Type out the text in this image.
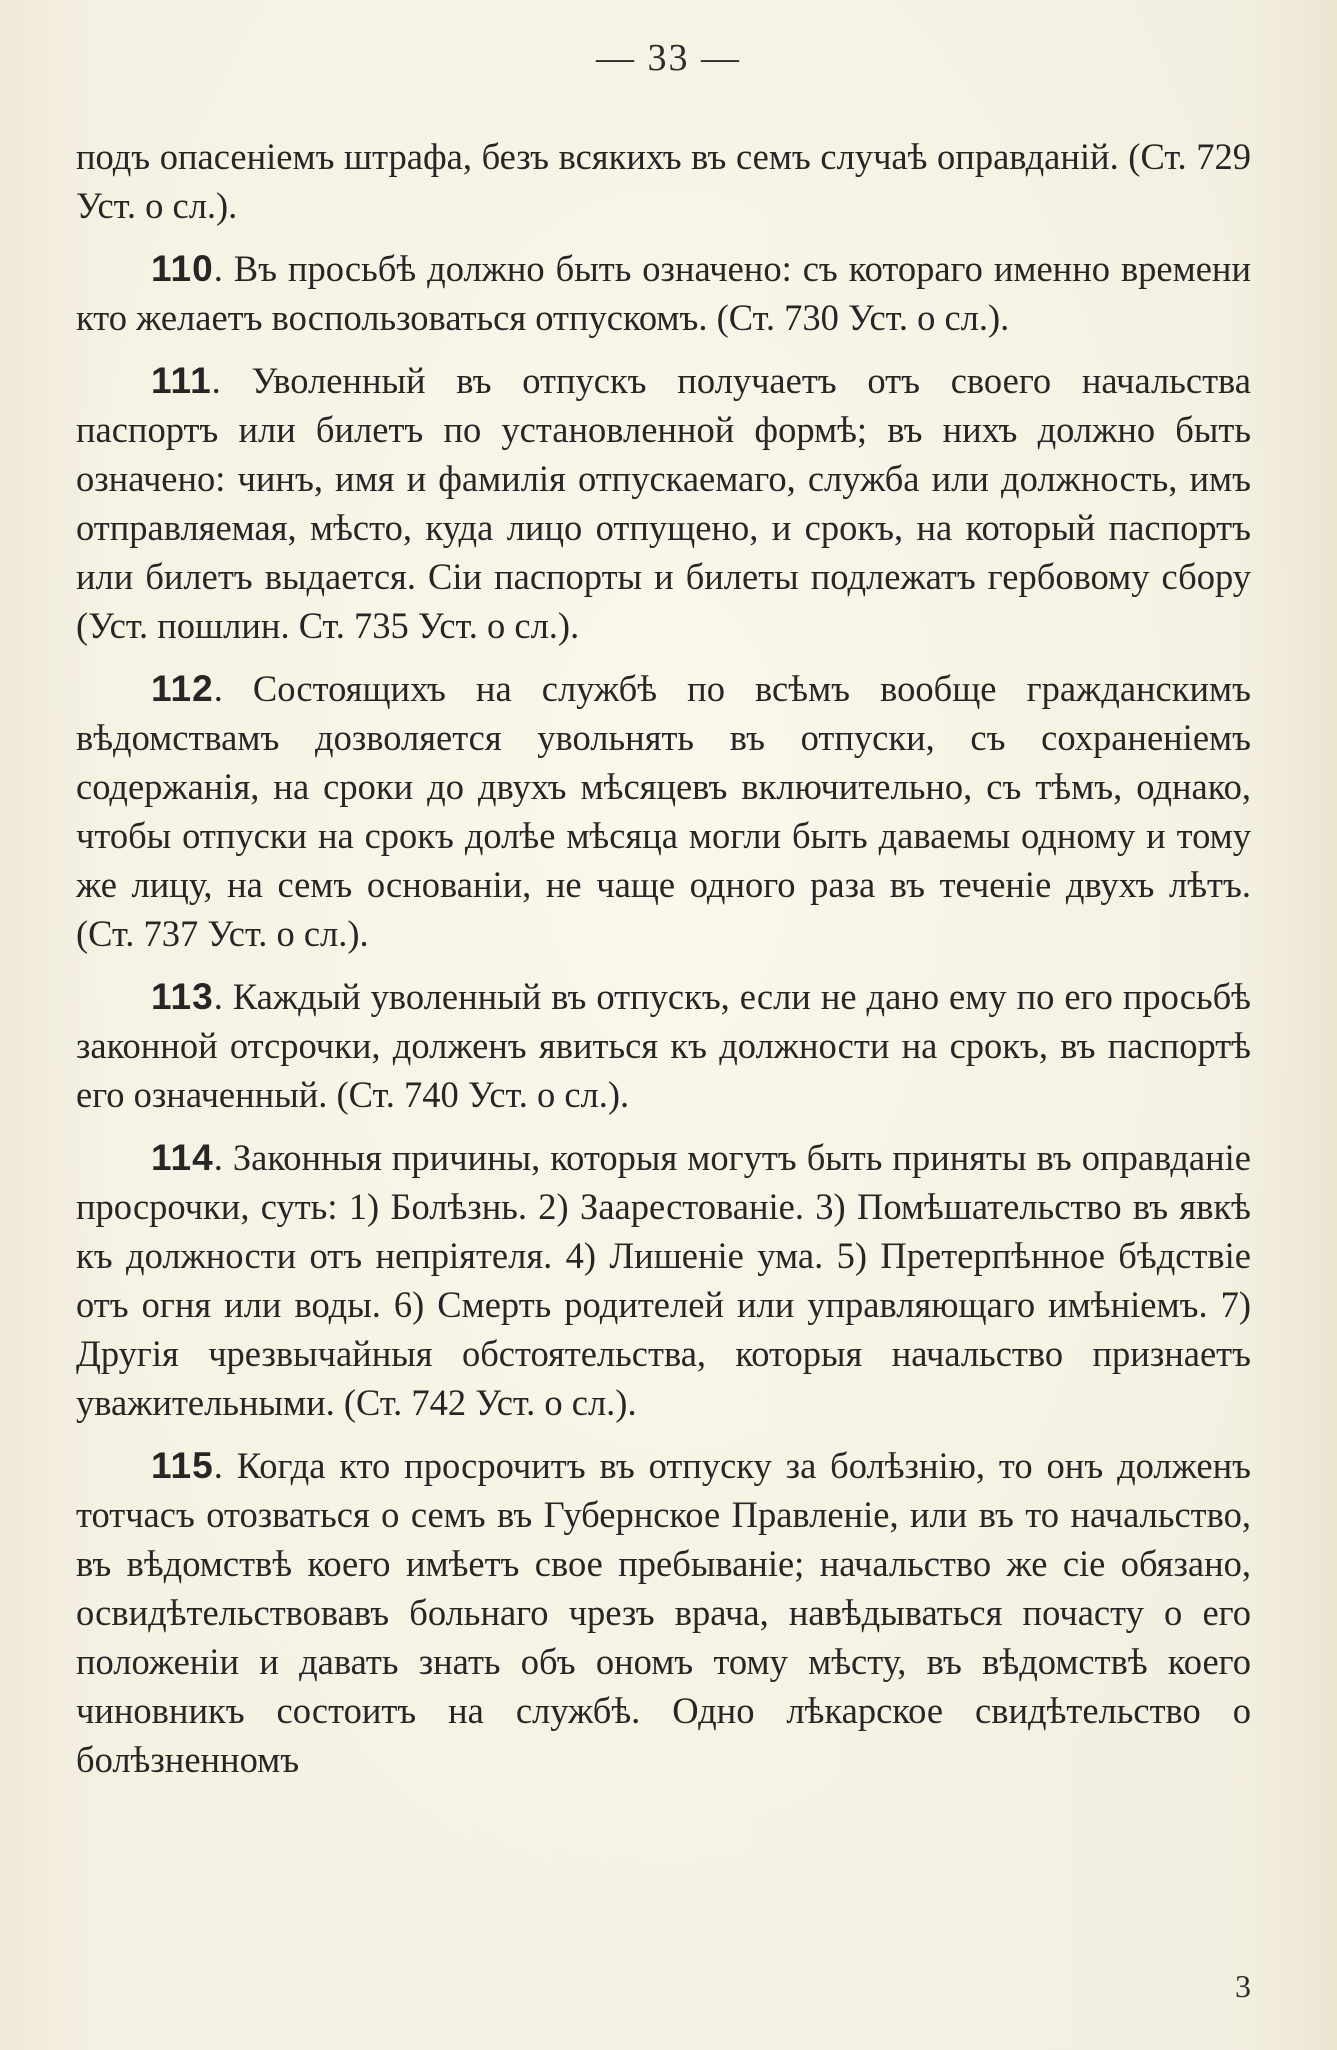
— 33 —

подъ опасеніемъ штрафа, безъ всякихъ въ семъ случаѣ оправданій. (Ст. 729 Уст. о сл.).

110. Въ просьбѣ должно быть означено: съ котораго именно времени кто желаетъ воспользоваться отпускомъ. (Ст. 730 Уст. о сл.).

111. Уволенный въ отпускъ получаетъ отъ своего начальства паспортъ или билетъ по установленной формѣ; въ нихъ должно быть означено: чинъ, имя и фамилія отпускаемаго, служба или должность, имъ отправляемая, мѣсто, куда лицо отпущено, и срокъ, на который паспортъ или билетъ выдается. Сіи паспорты и билеты подлежатъ гербовому сбору (Уст. пошлин. Ст. 735 Уст. о сл.).

112. Состоящихъ на службѣ по всѣмъ вообще гражданскимъ вѣдомствамъ дозволяется увольнять въ отпуски, съ сохраненіемъ содержанія, на сроки до двухъ мѣсяцевъ включительно, съ тѣмъ, однако, чтобы отпуски на срокъ долѣе мѣсяца могли быть даваемы одному и тому же лицу, на семъ основаніи, не чаще одного раза въ теченіе двухъ лѣтъ. (Ст. 737 Уст. о сл.).

113. Каждый уволенный въ отпускъ, если не дано ему по его просьбѣ законной отсрочки, долженъ явиться къ должности на срокъ, въ паспортѣ его означенный. (Ст. 740 Уст. о сл.).

114. Законныя причины, которыя могутъ быть приняты въ оправданіе просрочки, суть: 1) Болѣзнь. 2) Заарестованіе. 3) Помѣшательство въ явкѣ къ должности отъ непріятеля. 4) Лишеніе ума. 5) Претерпѣнное бѣдствіе отъ огня или воды. 6) Смерть родителей или управляющаго имѣніемъ. 7) Другія чрезвычайныя обстоятельства, которыя начальство признаетъ уважительными. (Ст. 742 Уст. о сл.).

115. Когда кто просрочитъ въ отпуску за болѣзнію, то онъ долженъ тотчасъ отозваться о семъ въ Губернское Правленіе, или въ то начальство, въ вѣдомствѣ коего имѣетъ свое пребываніе; начальство же сіе обязано, освидѣтельствовавъ больнаго чрезъ врача, навѣдываться почасту о его положеніи и давать знать объ ономъ тому мѣсту, въ вѣдомствѣ коего чиновникъ состоитъ на службѣ. Одно лѣкарское свидѣтельство о болѣзненномъ

3
